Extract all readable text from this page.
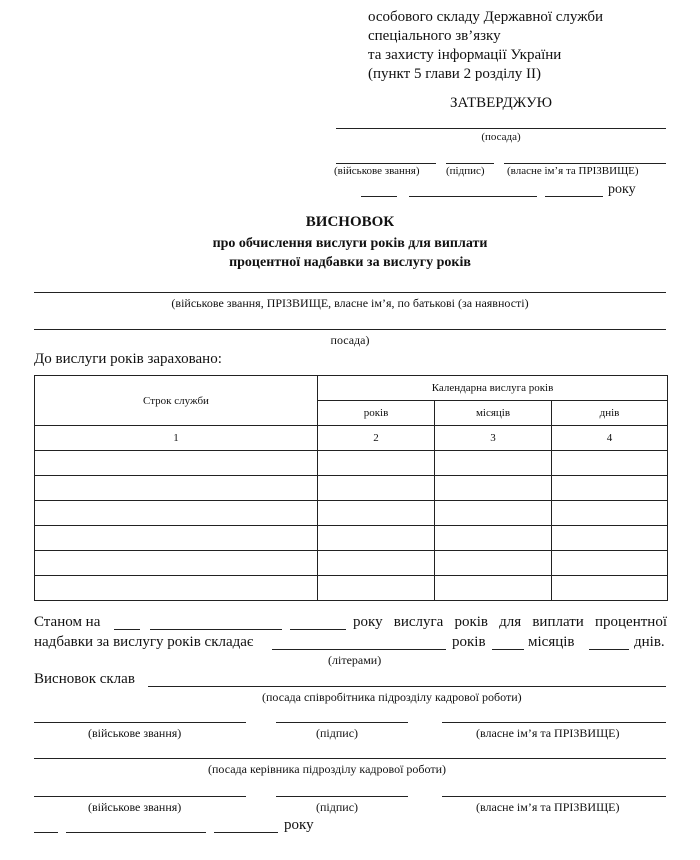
особового складу Державної служби
спеціального зв’язку
та захисту інформації України
(пункт 5 глави 2 розділу ІІ)
ЗАТВЕРДЖУЮ
(посада)
(військове звання) (підпис) (власне ім’я та ПРІЗВИЩЕ)
року
ВИСНОВОК
про обчислення вислуги років для виплати
процентної надбавки за вислугу років
(військове звання, ПРІЗВИЩЕ, власне ім’я, по батькові (за наявності)
посада)
До вислуги років зараховано:
Строк служби	Календарна вислуга років		
	років	місяців	днів
1	2	3	4

Станом на	року вислуга років для виплати процентної
надбавки за вислугу років складає	років	місяців	днів.
(літерами)
Висновок склав
(посада співробітника підрозділу кадрової роботи)
(військове звання)	(підпис)	(власне ім’я та ПРІЗВИЩЕ)
(посада керівника підрозділу кадрової роботи)
(військове звання)	(підпис)	(власне ім’я та ПРІЗВИЩЕ)
року
